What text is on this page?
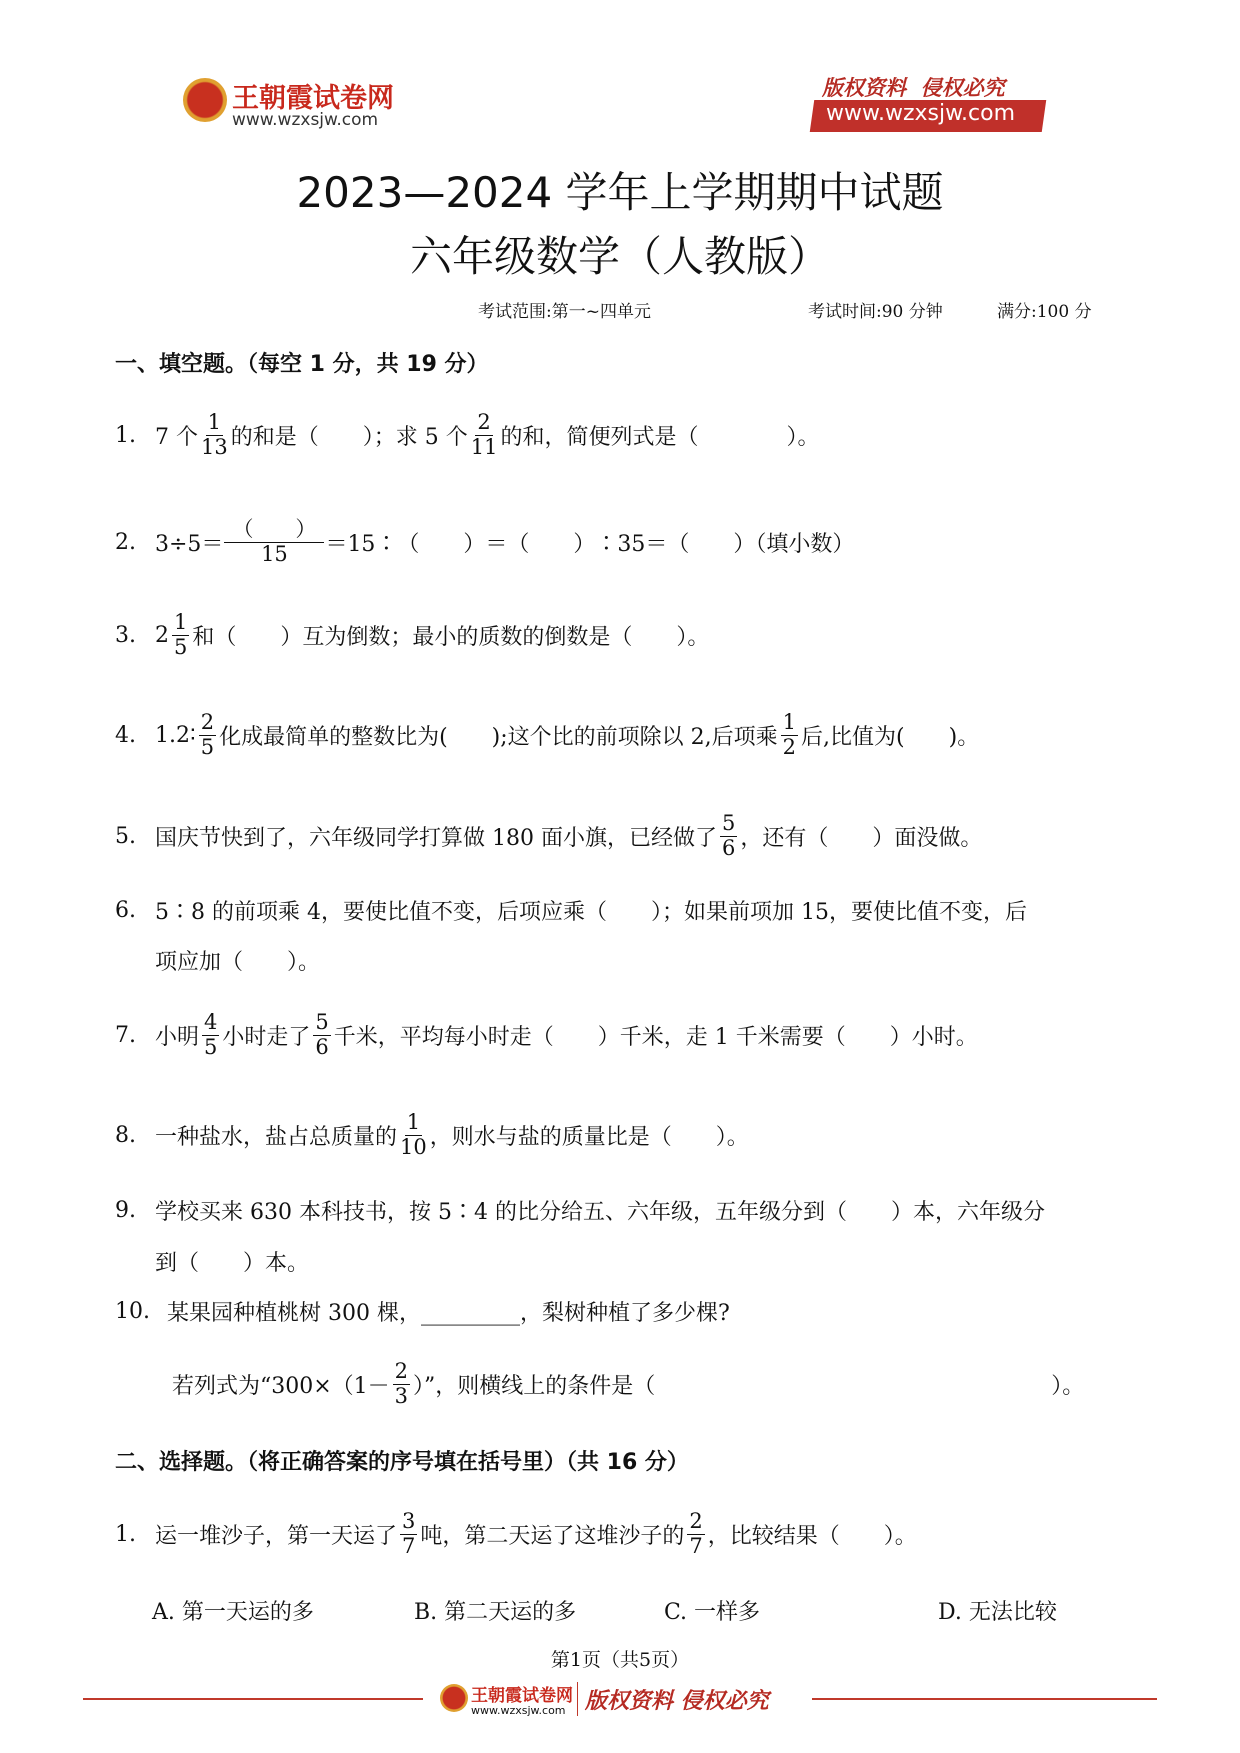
王朝霞试卷网
www.wzxsjw.com
版权资料  侵权必究
www.wzxsjw.com
2023—2024 学年上学期期中试题
六年级数学（人教版）
考试范围:第一~四单元	考试时间:90 分钟	满分:100 分
一、填空题。（每空 1 分，共 19 分）
1. 7 个 $\frac{1}{13}$ 的和是（　　）；求 5 个 $\frac{2}{11}$ 的和，简便列式是（　　　　）。
2. $3\div 5= \frac{( )}{15}$ ＝15∶（　　）＝（　　）∶35＝（　　）（填小数）
3. $2 \frac{1}{5}$ 和（　　）互为倒数；最小的质数的倒数是（　　）。
4. 1.2∶ $\frac{2}{5}$ 化成最简单的整数比为(　　);这个比的前项除以 2,后项乘 $\frac{1}{2}$ 后,比值为(　　)。
5. 国庆节快到了，六年级同学打算做 180 面小旗，已经做了 $\frac{5}{6}$ ，还有（　　）面没做。
6. 5∶8 的前项乘 4，要使比值不变，后项应乘（　　）；如果前项加 15，要使比值不变，后
项应加（　　）。
7. 小明 $\frac{4}{5}$ 小时走了 $\frac{5}{6}$ 千米，平均每小时走（　　）千米，走 1 千米需要（　　）小时。
8. 一种盐水，盐占总质量的 $\frac{1}{10}$ ，则水与盐的质量比是（　　）。
9. 学校买来 630 本科技书，按 5∶4 的比分给五、六年级，五年级分到（　　）本，六年级分
到（　　）本。
10. 某果园种植桃树 300 棵，_________，梨树种植了多少棵?
若列式为“$300\times(1- \frac{2}{3}$ ）”，则横线上的条件是（　　　　　　　　　　　　　　　　　　）。
二、选择题。（将正确答案的序号填在括号里）（共 16 分）
1. 运一堆沙子，第一天运了 $\frac{3}{7}$ 吨，第二天运了这堆沙子的 $\frac{2}{7}$ ，比较结果（　　）。
A. 第一天运的多	B. 第二天运的多	C. 一样多	D. 无法比较
第1页（共5页）
王朝霞试卷网
www.wzxsjw.com 版权资料 侵权必究
